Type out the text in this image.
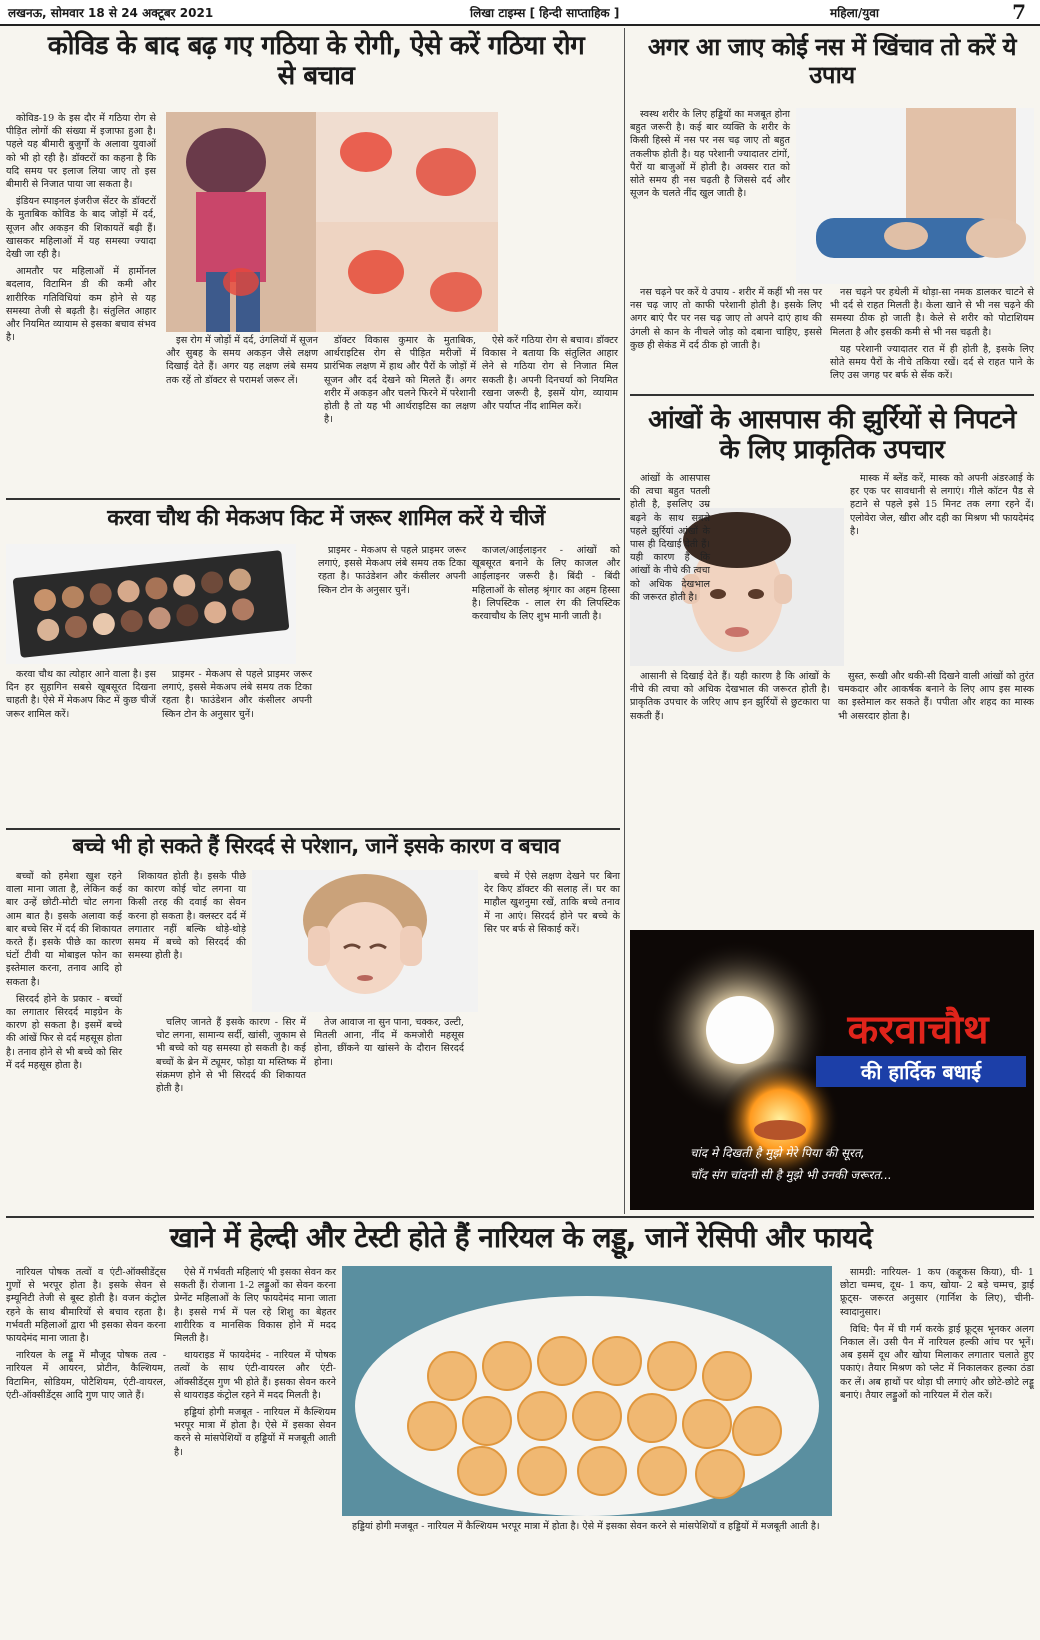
लखनऊ, सोमवार 18 से 24 अक्टूबर 2021	लिखा टाइम्स [ हिन्दी साप्ताहिक ]	महिला/युवा	7
कोविड के बाद बढ़ गए गठिया के रोगी, ऐसे करें गठिया रोग से बचाव

कोविड-19 के इस दौर में गठिया रोग से पीड़ित लोगों की संख्या में इजाफा हुआ है। पहले यह बीमारी बुजुर्गों के अलावा युवाओं को भी हो रही है। डॉक्टरों का कहना है कि यदि समय पर इलाज लिया जाए तो इस बीमारी से निजात पाया जा सकता है।

इंडियन स्पाइनल इंजरीज सेंटर के डॉक्टरों के मुताबिक कोविड के बाद जोड़ों में दर्द, सूजन और अकड़न की शिकायतें बढ़ी हैं। खासकर महिलाओं में यह समस्या ज्यादा देखी जा रही है।

आमतौर पर महिलाओं में हार्मोनल बदलाव, विटामिन डी की कमी और शारीरिक गतिविधियां कम होने से यह समस्या तेजी से बढ़ती है। संतुलित आहार और नियमित व्यायाम से इसका बचाव संभव है।	इस रोग में जोड़ों में दर्द, उंगलियों में सूजन और सुबह के समय अकड़न जैसे लक्षण दिखाई देते हैं। अगर यह लक्षण लंबे समय तक रहें तो डॉक्टर से परामर्श जरूर लें।

डॉक्टर विकास कुमार के मुताबिक, आर्थराइटिस रोग से पीड़ित मरीजों में प्रारंभिक लक्षण में हाथ और पैरों के जोड़ों में सूजन और दर्द देखने को मिलते हैं। अगर शरीर में अकड़न और चलने फिरने में परेशानी होती है तो यह भी आर्थराइटिस का लक्षण है।

ऐसे करें गठिया रोग से बचाव। डॉक्टर विकास ने बताया कि संतुलित आहार लेने से गठिया रोग से निजात मिल सकती है। अपनी दिनचर्या को नियमित रखना जरूरी है, इसमें योग, व्यायाम और पर्याप्त नींद शामिल करें।

अगर आ जाए कोई नस में खिंचाव तो करें ये उपाय

स्वस्थ शरीर के लिए हड्डियों का मजबूत होना बहुत जरूरी है। कई बार व्यक्ति के शरीर के किसी हिस्से में नस पर नस चढ़ जाए तो बहुत तकलीफ होती है। यह परेशानी ज्यादातर टांगों, पैरों या बाजुओं में होती है। अक्सर रात को सोते समय ही नस चढ़ती है जिससे दर्द और सूजन के चलते नींद खुल जाती है।

नस चढ़ने पर करें ये उपाय - शरीर में कहीं भी नस पर नस चढ़ जाए तो काफी परेशानी होती है। इसके लिए अगर बाएं पैर पर नस चढ़ जाए तो अपने दाएं हाथ की उंगली से कान के नीचले जोड़ को दबाना चाहिए, इससे कुछ ही सेकंड में दर्द ठीक हो जाती है।

नस चढ़ने पर हथेली में थोड़ा-सा नमक डालकर चाटने से भी दर्द से राहत मिलती है। केला खाने से भी नस चढ़ने की समस्या ठीक हो जाती है। केले से शरीर को पोटाशियम मिलता है और इसकी कमी से भी नस चढ़ती है।

यह परेशानी ज्यादातर रात में ही होती है, इसके लिए सोते समय पैरों के नीचे तकिया रखें। दर्द से राहत पाने के लिए उस जगह पर बर्फ से सेंक करें।

आंखों के आसपास की झुर्रियों से निपटने के लिए प्राकृतिक उपचार

आंखों के आसपास की त्वचा बहुत पतली होती है, इसलिए उम्र बढ़ने के साथ सबसे पहले झुर्रियां आंखों के पास ही दिखाई देती हैं। यही कारण है कि आंखों के नीचे की त्वचा को अधिक देखभाल की जरूरत होती है।

मास्क में ब्लेंड करें, मास्क को अपनी अंडरआई के हर एक पर सावधानी से लगाएं। गीले कॉटन पैड से हटाने से पहले इसे 15 मिनट तक लगा रहने दें। एलोवेरा जेल, खीरा और दही का मिश्रण भी फायदेमंद है।

आसानी से दिखाई देते हैं। यही कारण है कि आंखों के नीचे की त्वचा को अधिक देखभाल की जरूरत होती है। प्राकृतिक उपचार के जरिए आप इन झुर्रियों से छुटकारा पा सकती हैं।

सुस्त, रूखी और थकी-सी दिखने वाली आंखों को तुरंत चमकदार और आकर्षक बनाने के लिए आप इस मास्क का इस्तेमाल कर सकते हैं। पपीता और शहद का मास्क भी असरदार होता है।

करवा चौथ की मेकअप किट में जरूर शामिल करें ये चीजें

करवा चौथ का त्योहार आने वाला है। इस दिन हर सुहागिन सबसे खूबसूरत दिखना चाहती है। ऐसे में मेकअप किट में कुछ चीजें जरूर शामिल करें।

प्राइमर - मेकअप से पहले प्राइमर जरूर लगाएं, इससे मेकअप लंबे समय तक टिका रहता है। फाउंडेशन और कंसीलर अपनी स्किन टोन के अनुसार चुनें।

प्राइमर - मेकअप से पहले प्राइमर जरूर लगाएं, इससे मेकअप लंबे समय तक टिका रहता है। फाउंडेशन और कंसीलर अपनी स्किन टोन के अनुसार चुनें।

काजल/आईलाइनर - आंखों को खूबसूरत बनाने के लिए काजल और आईलाइनर जरूरी है। बिंदी - बिंदी महिलाओं के सोलह श्रृंगार का अहम हिस्सा है। लिपस्टिक - लाल रंग की लिपस्टिक करवाचौथ के लिए शुभ मानी जाती है।

बच्चे भी हो सकते हैं सिरदर्द से परेशान, जानें इसके कारण व बचाव

बच्चों को हमेशा खुश रहने वाला माना जाता है, लेकिन कई बार उन्हें छोटी-मोटी चोट लगना आम बात है। इसके अलावा कई बार बच्चे सिर में दर्द की शिकायत करते हैं। इसके पीछे का कारण घंटों टीवी या मोबाइल फोन का इस्तेमाल करना, तनाव आदि हो सकता है।

सिरदर्द होने के प्रकार - बच्चों का लगातार सिरदर्द माइग्रेन के कारण हो सकता है। इसमें बच्चे की आंखें फिर से दर्द महसूस होता है। तनाव होने से भी बच्चे को सिर में दर्द महसूस होता है।

शिकायत होती है। इसके पीछे का कारण कोई चोट लगना या किसी तरह की दवाई का सेवन करना हो सकता है। क्लस्टर दर्द में लगातार नहीं बल्कि थोड़े-थोड़े समय में बच्चे को सिरदर्द की समस्या होती है।

चलिए जानते हैं इसके कारण - सिर में चोट लगना, सामान्य सर्दी, खांसी, जुकाम से भी बच्चे को यह समस्या हो सकती है। कई बच्चों के ब्रेन में ट्यूमर, फोड़ा या मस्तिष्क में संक्रमण होने से भी सिरदर्द की शिकायत होती है।

तेज आवाज ना सुन पाना, चक्कर, उल्टी, मितली आना, नींद में कमजोरी महसूस होना, छींकने या खांसने के दौरान सिरदर्द होना।

बच्चे में ऐसे लक्षण देखने पर बिना देर किए डॉक्टर की सलाह लें। घर का माहौल खुशनुमा रखें, ताकि बच्चे तनाव में ना आएं। सिरदर्द होने पर बच्चे के सिर पर बर्फ से सिकाई करें।

करवाचौथ
की हार्दिक बधाई
चांद मे दिखती है मुझे मेरे पिया की सूरत,
चाँद संग चांदनी सी है मुझे भी उनकी जरूरत...
खाने में हेल्दी और टेस्टी होते हैं नारियल के लड्डू, जानें रेसिपी और फायदे

नारियल पोषक तत्वों व एंटी-ऑक्सीडेंट्स गुणों से भरपूर होता है। इसके सेवन से इम्यूनिटी तेजी से बूस्ट होती है। वजन कंट्रोल रहने के साथ बीमारियों से बचाव रहता है। गर्भवती महिलाओं द्वारा भी इसका सेवन करना फायदेमंद माना जाता है।

नारियल के लड्डू में मौजूद पोषक तत्व - नारियल में आयरन, प्रोटीन, कैल्शियम, विटामिन, सोडियम, पोटैशियम, एंटी-वायरल, एंटी-ऑक्सीडेंट्स आदि गुण पाए जाते हैं।

ऐसे में गर्भवती महिलाएं भी इसका सेवन कर सकती हैं। रोजाना 1-2 लड्डुओं का सेवन करना प्रेग्नेंट महिलाओं के लिए फायदेमंद माना जाता है। इससे गर्भ में पल रहे शिशु का बेहतर शारीरिक व मानसिक विकास होने में मदद मिलती है।

थायराइड में फायदेमंद - नारियल में पोषक तत्वों के साथ एंटी-वायरल और एंटी-ऑक्सीडेंट्स गुण भी होते हैं। इसका सेवन करने से थायराइड कंट्रोल रहने में मदद मिलती है।

हड्डियां होगी मजबूत - नारियल में कैल्शियम भरपूर मात्रा में होता है। ऐसे में इसका सेवन करने से मांसपेशियों व हड्डियों में मजबूती आती है।

हड्डियां होगी मजबूत - नारियल में कैल्शियम भरपूर मात्रा में होता है। ऐसे में इसका सेवन करने से मांसपेशियों व हड्डियों में मजबूती आती है।

सामग्री: नारियल- 1 कप (कद्दूकस किया), घी- 1 छोटा चम्मच, दूध- 1 कप, खोया- 2 बड़े चम्मच, ड्राई फ्रूट्स- जरूरत अनुसार (गार्निश के लिए), चीनी- स्वादानुसार।

विधि: पैन में घी गर्म करके ड्राई फ्रूट्स भूनकर अलग निकाल लें। उसी पैन में नारियल हल्की आंच पर भूनें। अब इसमें दूध और खोया मिलाकर लगातार चलाते हुए पकाएं। तैयार मिश्रण को प्लेट में निकालकर हल्का ठंडा कर लें। अब हाथों पर थोड़ा घी लगाएं और छोटे-छोटे लड्डू बनाएं। तैयार लड्डुओं को नारियल में रोल करें।
